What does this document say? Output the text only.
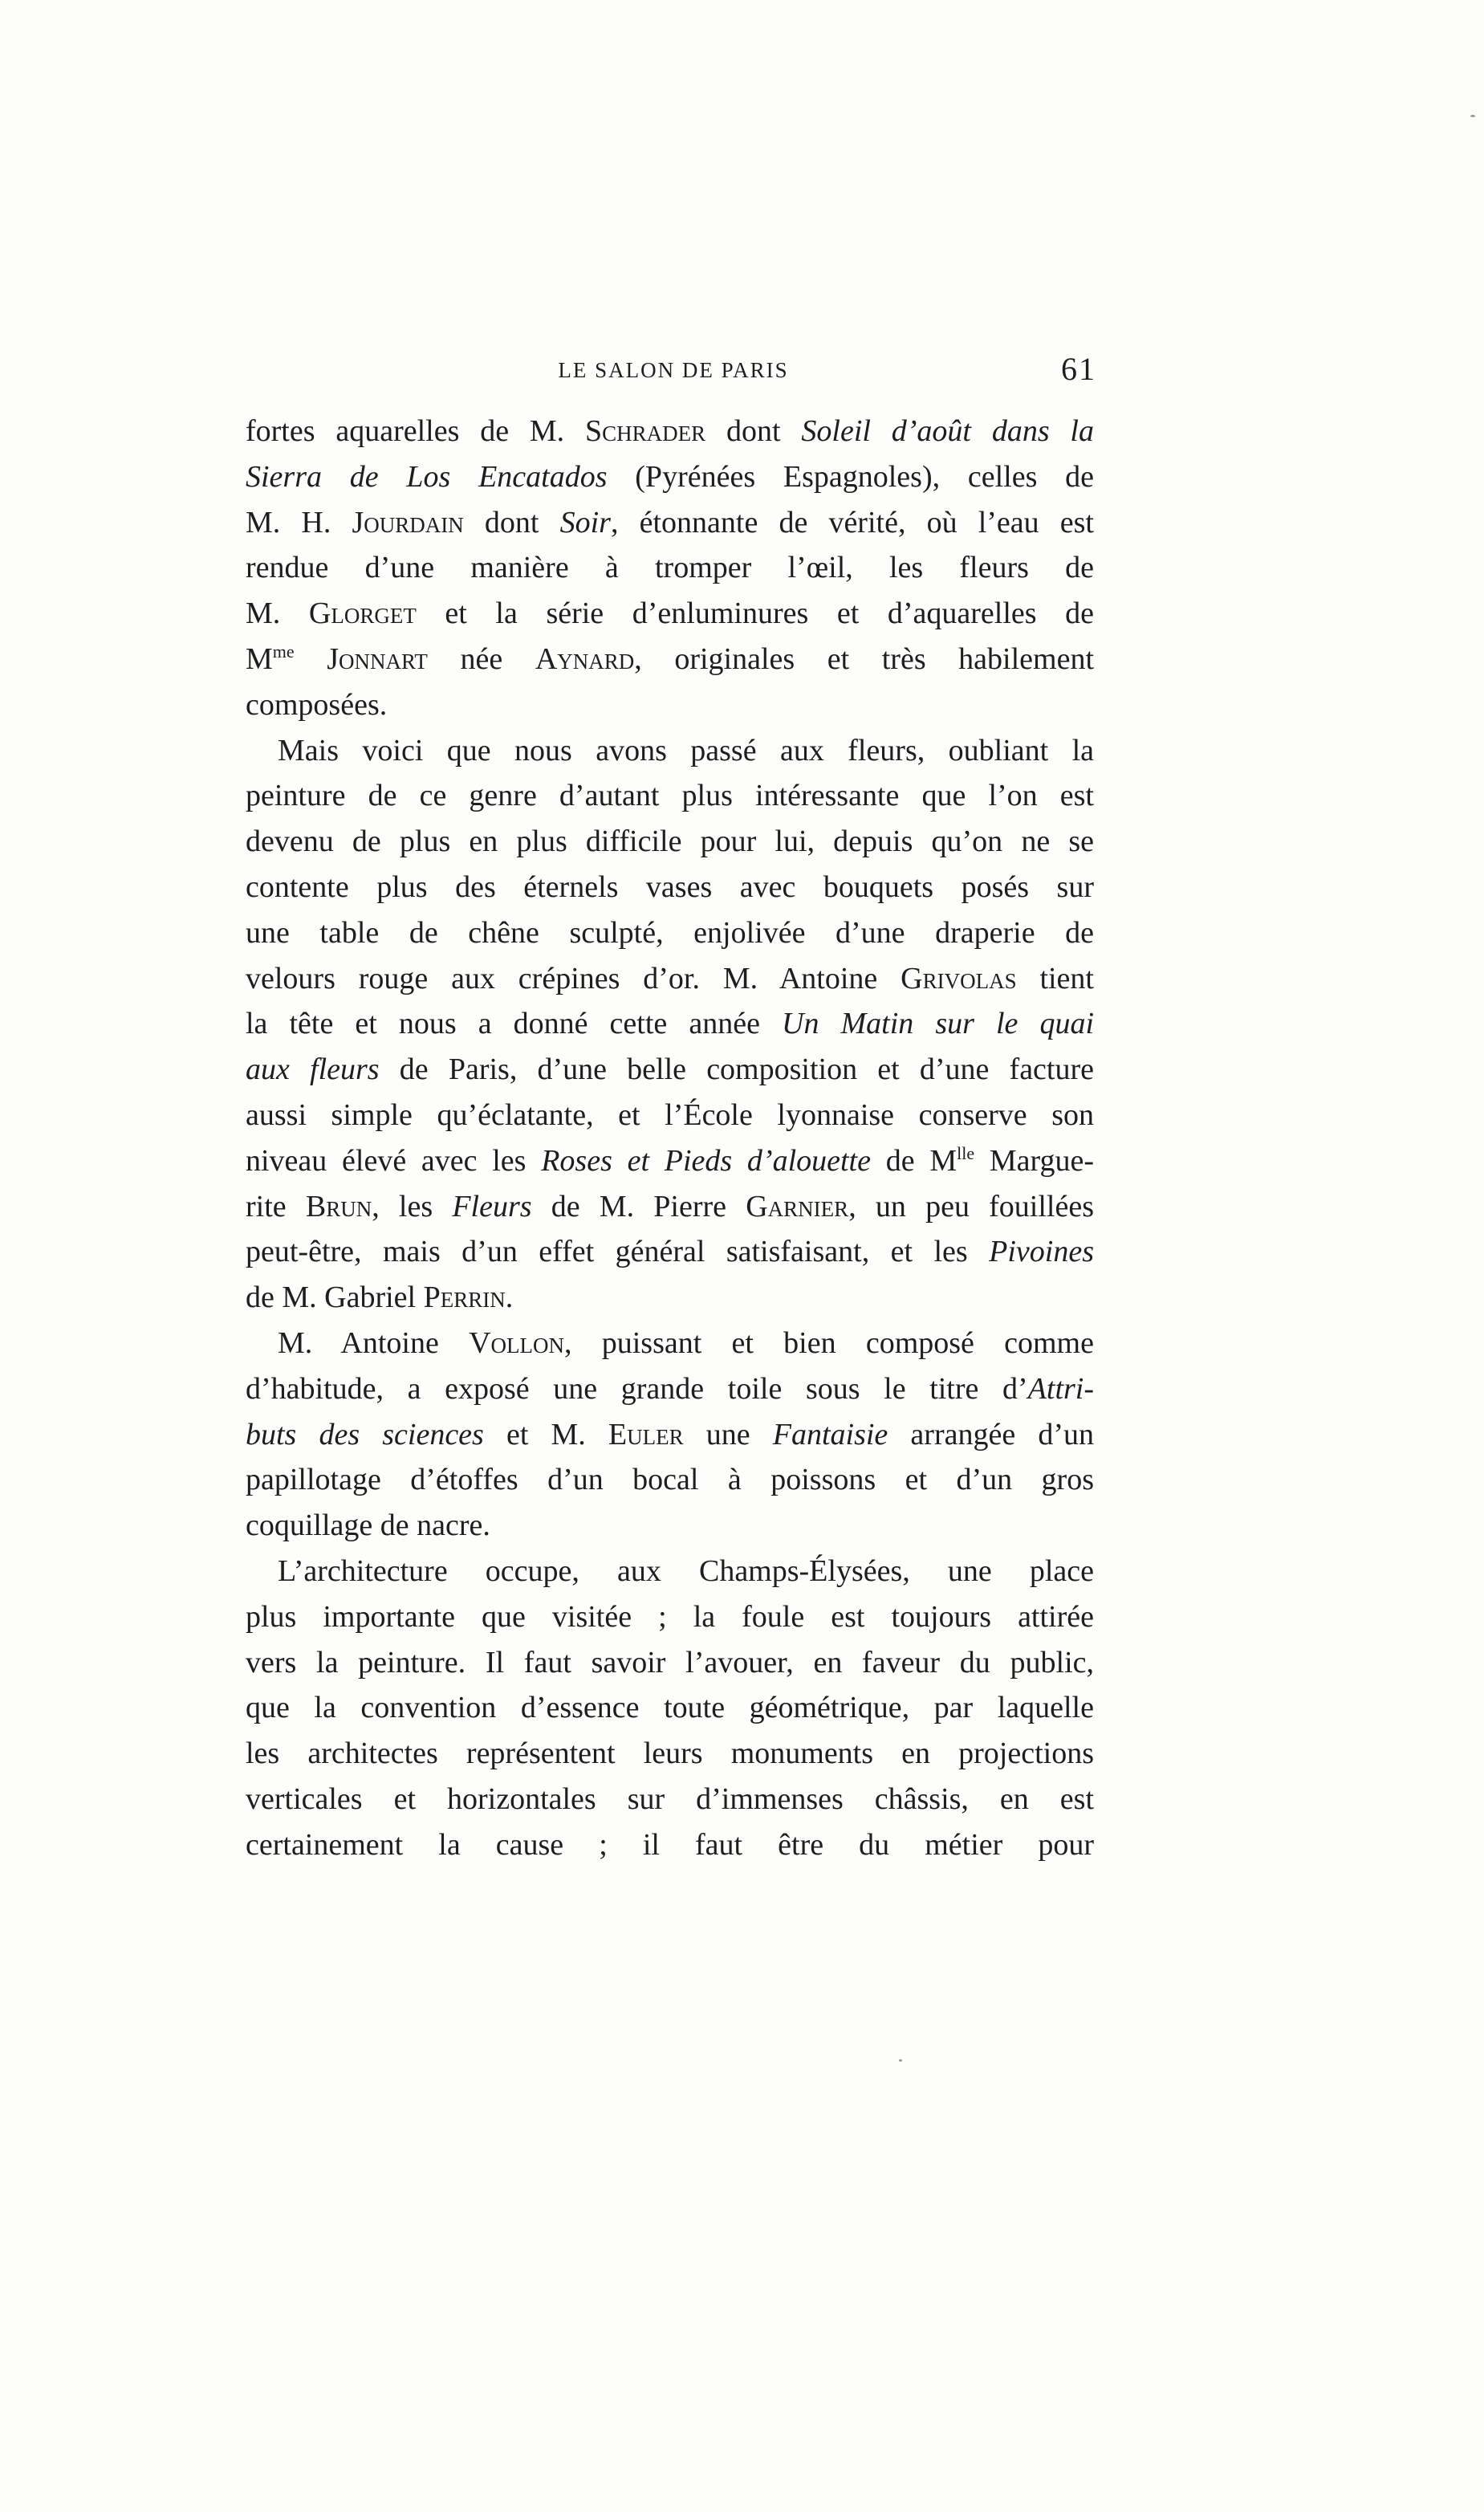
LE SALON DE PARIS	61
fortes aquarelles de M. Schrader dont Soleil d’août dans la
Sierra de Los Encatados (Pyrénées Espagnoles), celles de
M. H. Jourdain dont Soir, étonnante de vérité, où l’eau est
rendue d’une manière à tromper l’œil, les fleurs de
M. Glorget et la série d’enluminures et d’aquarelles de
$M^{me}$ Jonnart née Aynard, originales et très habilement
composées.
Mais voici que nous avons passé aux fleurs, oubliant la
peinture de ce genre d’autant plus intéressante que l’on est
devenu de plus en plus difficile pour lui, depuis qu’on ne se
contente plus des éternels vases avec bouquets posés sur
une table de chêne sculpté, enjolivée d’une draperie de
velours rouge aux crépines d’or. M. Antoine Grivolas tient
la tête et nous a donné cette année Un Matin sur le quai
aux fleurs de Paris, d’une belle composition et d’une facture
aussi simple qu’éclatante, et l’École lyonnaise conserve son
niveau élevé avec les Roses et Pieds d’alouette de $M^{lle}$ Margue-
rite Brun, les Fleurs de M. Pierre Garnier, un peu fouillées
peut-être, mais d’un effet général satisfaisant, et les Pivoines
de M. Gabriel Perrin.
M. Antoine Vollon, puissant et bien composé comme
d’habitude, a exposé une grande toile sous le titre d’Attri-
buts des sciences et M. Euler une Fantaisie arrangée d’un
papillotage d’étoffes d’un bocal à poissons et d’un gros
coquillage de nacre.
L’architecture occupe, aux Champs-Élysées, une place
plus importante que visitée ; la foule est toujours attirée
vers la peinture. Il faut savoir l’avouer, en faveur du public,
que la convention d’essence toute géométrique, par laquelle
les architectes représentent leurs monuments en projections
verticales et horizontales sur d’immenses châssis, en est
certainement la cause ; il faut être du métier pour
